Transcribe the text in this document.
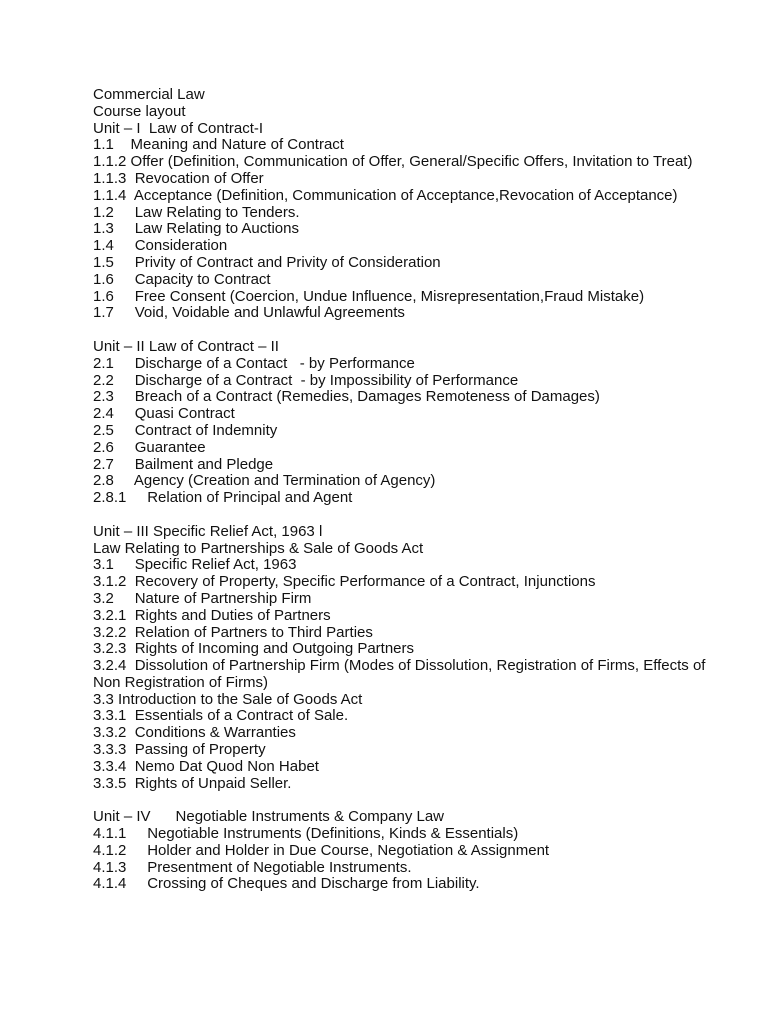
Commercial Law
Course layout
Unit – I  Law of Contract-I
1.1    Meaning and Nature of Contract
1.1.2 Offer (Definition, Communication of Offer, General/Specific Offers, Invitation to Treat)
1.1.3  Revocation of Offer
1.1.4  Acceptance (Definition, Communication of Acceptance,Revocation of Acceptance)
1.2     Law Relating to Tenders.
1.3     Law Relating to Auctions
1.4     Consideration
1.5     Privity of Contract and Privity of Consideration
1.6     Capacity to Contract
1.6     Free Consent (Coercion, Undue Influence, Misrepresentation,Fraud Mistake)
1.7     Void, Voidable and Unlawful Agreements
Unit – II Law of Contract – II
2.1     Discharge of a Contact   - by Performance
2.2     Discharge of a Contract  - by Impossibility of Performance
2.3     Breach of a Contract (Remedies, Damages Remoteness of Damages)
2.4     Quasi Contract
2.5     Contract of Indemnity
2.6     Guarantee
2.7     Bailment and Pledge
2.8     Agency (Creation and Termination of Agency)
2.8.1     Relation of Principal and Agent
Unit – III Specific Relief Act, 1963 l
Law Relating to Partnerships & Sale of Goods Act
3.1     Specific Relief Act, 1963
3.1.2  Recovery of Property, Specific Performance of a Contract, Injunctions
3.2     Nature of Partnership Firm
3.2.1  Rights and Duties of Partners
3.2.2  Relation of Partners to Third Parties
3.2.3  Rights of Incoming and Outgoing Partners
3.2.4  Dissolution of Partnership Firm (Modes of Dissolution, Registration of Firms, Effects of Non Registration of Firms)
3.3 Introduction to the Sale of Goods Act
3.3.1  Essentials of a Contract of Sale.
3.3.2  Conditions & Warranties
3.3.3  Passing of Property
3.3.4  Nemo Dat Quod Non Habet
3.3.5  Rights of Unpaid Seller.
Unit – IV      Negotiable Instruments & Company Law
4.1.1     Negotiable Instruments (Definitions, Kinds & Essentials)
4.1.2     Holder and Holder in Due Course, Negotiation & Assignment
4.1.3     Presentment of Negotiable Instruments.
4.1.4     Crossing of Cheques and Discharge from Liability.
